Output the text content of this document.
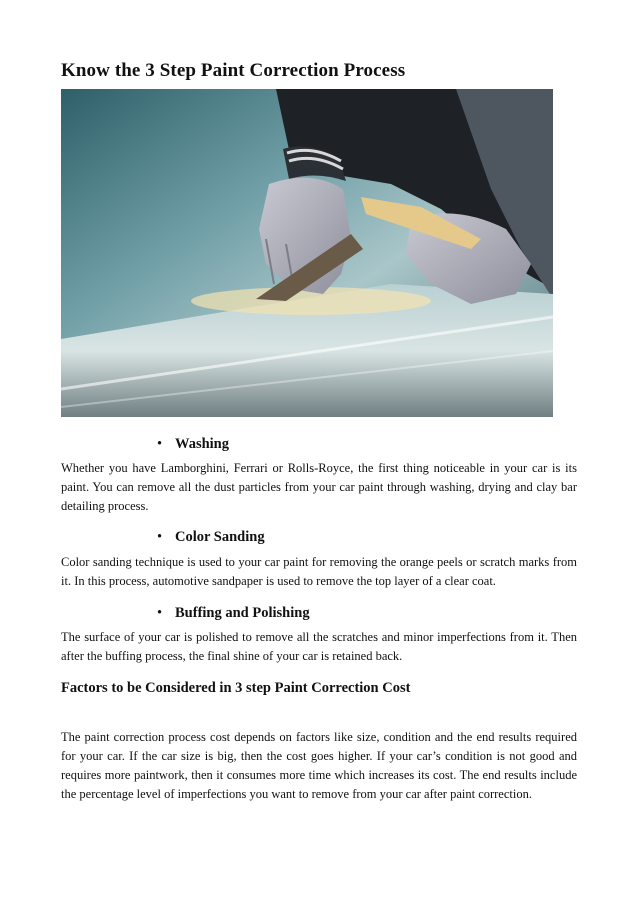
Know the 3 Step Paint Correction Process

• Washing

Whether you have Lamborghini, Ferrari or Rolls-Royce, the first thing noticeable in your car is its paint. You can remove all the dust particles from your car paint through washing, drying and clay bar detailing process.

• Color Sanding

Color sanding technique is used to your car paint for removing the orange peels or scratch marks from it. In this process, automotive sandpaper is used to remove the top layer of a clear coat.

• Buffing and Polishing

The surface of your car is polished to remove all the scratches and minor imperfections from it. Then after the buffing process, the final shine of your car is retained back.

Factors to be Considered in 3 step Paint Correction Cost

The paint correction process cost depends on factors like size, condition and the end results required for your car. If the car size is big, then the cost goes higher. If your car’s condition is not good and requires more paintwork, then it consumes more time which increases its cost. The end results include the percentage level of imperfections you want to remove from your car after paint correction.
